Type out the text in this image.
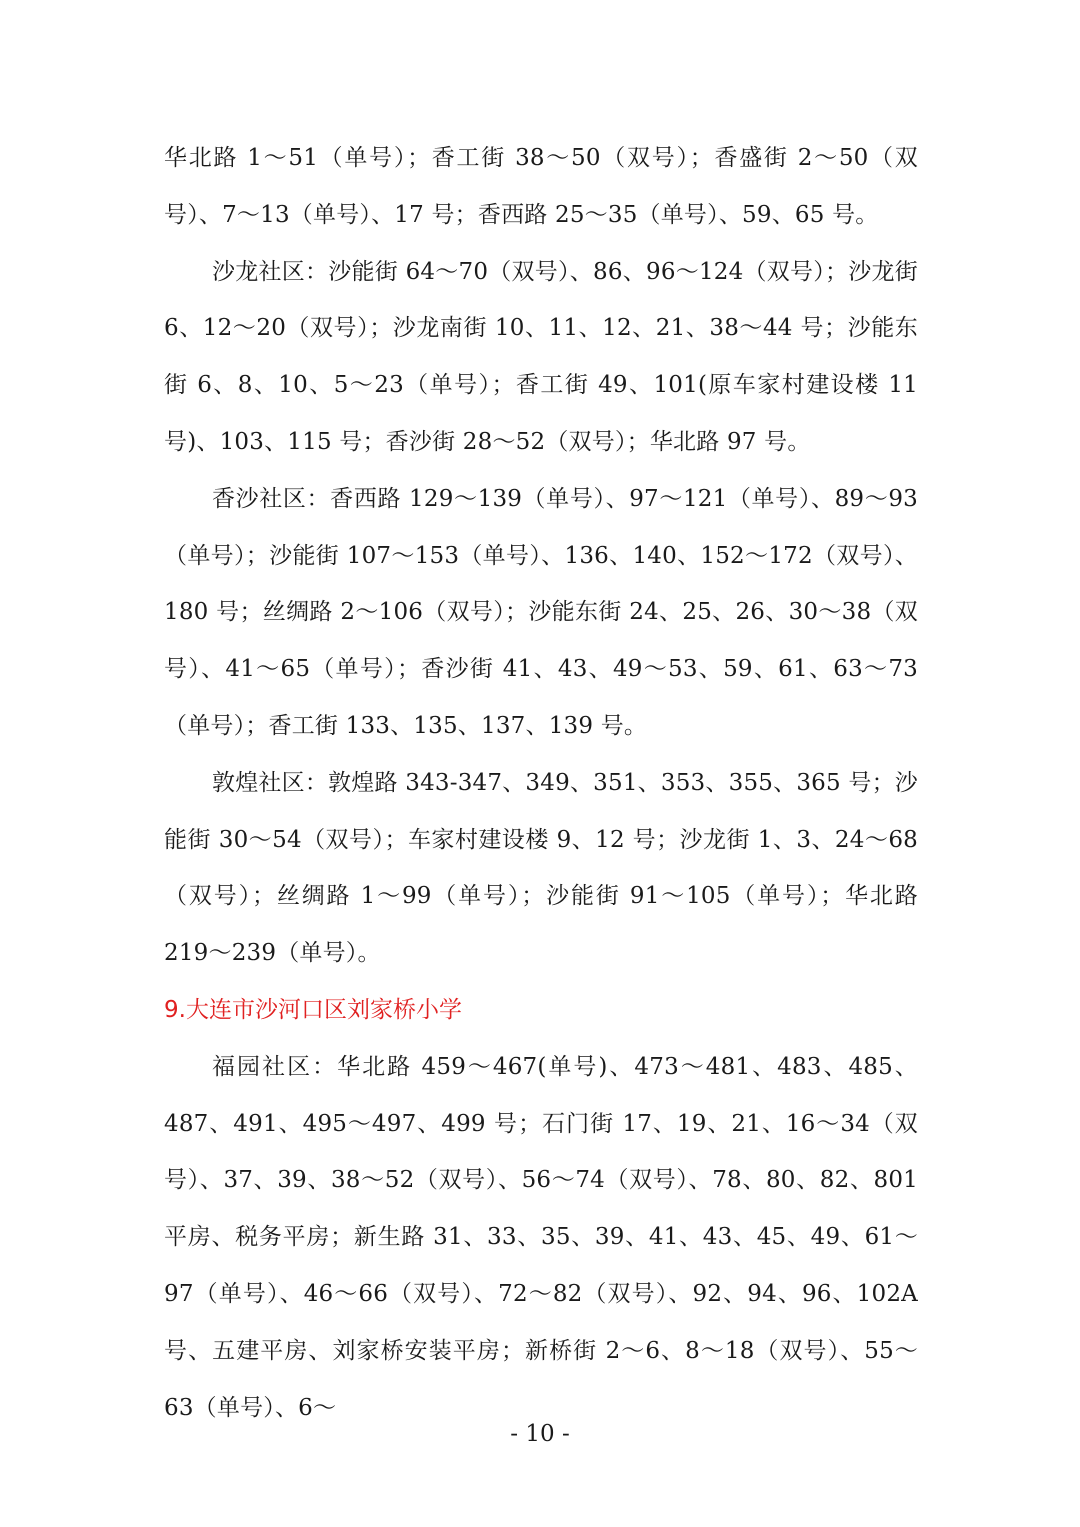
华北路 1～51（单号）；香工街 38～50（双号）；香盛街 2～50（双号）、7～13（单号）、17 号；香西路 25～35（单号）、59、65 号。

沙龙社区：沙能街 64～70（双号）、86、96～124（双号）；沙龙街 6、12～20（双号）；沙龙南街 10、11、12、21、38～44 号；沙能东街 6、8、10、5～23（单号）；香工街 49、101(原车家村建设楼 11号)、103、115 号；香沙街 28～52（双号）；华北路 97 号。

香沙社区：香西路 129～139（单号）、97～121（单号）、89～93（单号）；沙能街 107～153（单号）、136、140、152～172（双号）、180 号；丝绸路 2～106（双号）；沙能东街 24、25、26、30～38（双号）、41～65（单号）；香沙街 41、43、49～53、59、61、63～73（单号）；香工街 133、135、137、139 号。

敦煌社区：敦煌路 343-347、349、351、353、355、365 号；沙能街 30～54（双号）；车家村建设楼 9、12 号；沙龙街 1、3、24～68（双号）；丝绸路 1～99（单号）；沙能街 91～105（单号）；华北路 219～239（单号）。

9.大连市沙河口区刘家桥小学

福园社区：华北路 459～467(单号)、473～481、483、485、487、491、495～497、499 号；石门街 17、19、21、16～34（双号）、37、39、38～52（双号）、56～74（双号）、78、80、82、801 平房、税务平房；新生路 31、33、35、39、41、43、45、49、61～97（单号）、46～66（双号）、72～82（双号）、92、94、96、102A 号、五建平房、刘家桥安装平房；新桥街 2～6、8～18（双号）、55～63（单号）、6～

- 10 -
